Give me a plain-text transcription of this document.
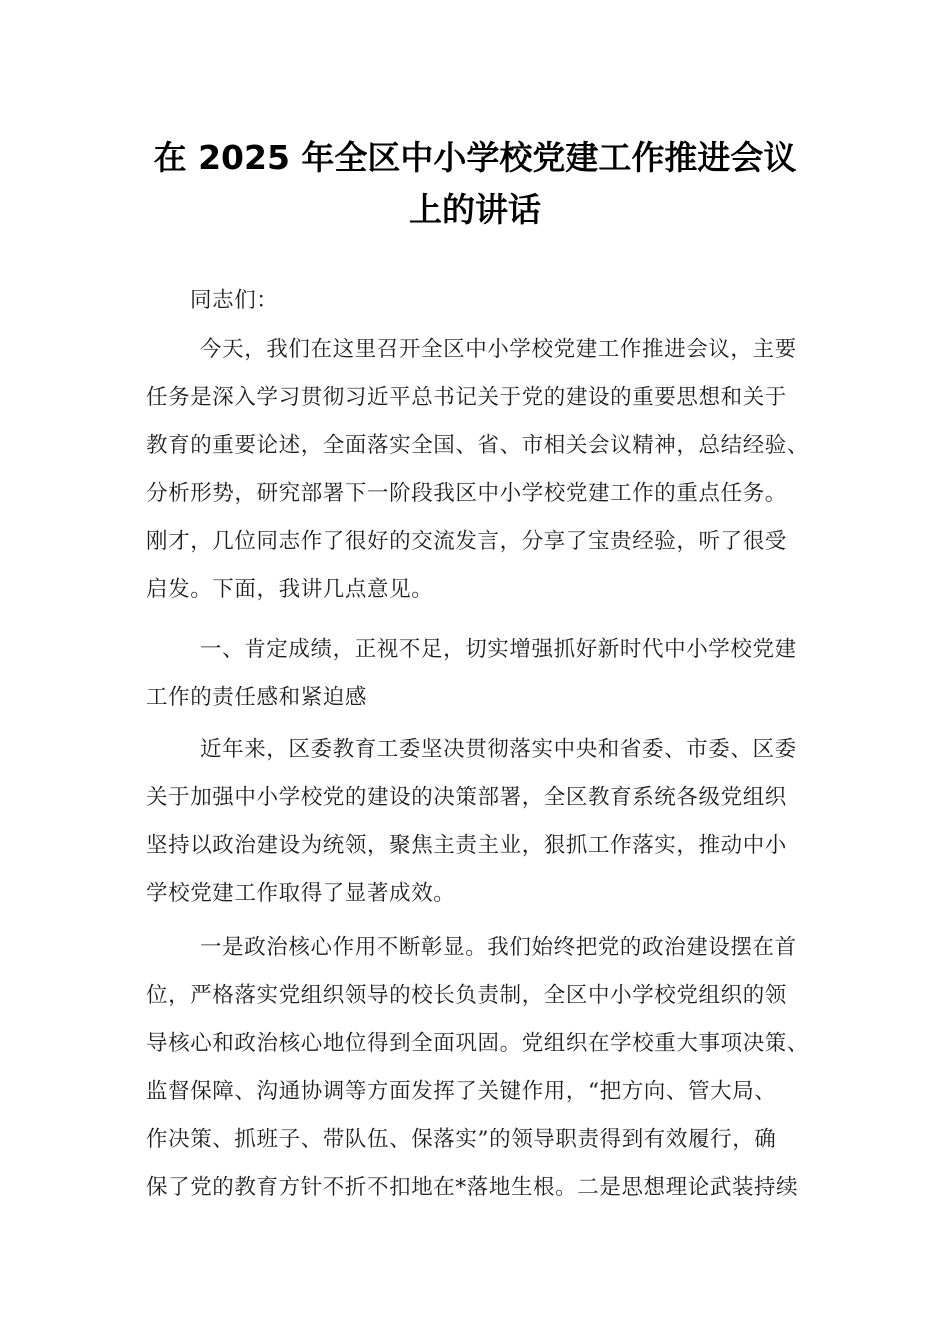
在 2025 年全区中小学校党建工作推进会议
上的讲话
同志们：
今天，我们在这里召开全区中小学校党建工作推进会议，主要
任务是深入学习贯彻习近平总书记关于党的建设的重要思想和关于
教育的重要论述，全面落实全国、省、市相关会议精神，总结经验、
分析形势，研究部署下一阶段我区中小学校党建工作的重点任务。
刚才，几位同志作了很好的交流发言，分享了宝贵经验，听了很受
启发。下面，我讲几点意见。
一、肯定成绩，正视不足，切实增强抓好新时代中小学校党建
工作的责任感和紧迫感
近年来，区委教育工委坚决贯彻落实中央和省委、市委、区委
关于加强中小学校党的建设的决策部署，全区教育系统各级党组织
坚持以政治建设为统领，聚焦主责主业，狠抓工作落实，推动中小
学校党建工作取得了显著成效。
一是政治核心作用不断彰显。我们始终把党的政治建设摆在首
位，严格落实党组织领导的校长负责制，全区中小学校党组织的领
导核心和政治核心地位得到全面巩固。党组织在学校重大事项决策、
监督保障、沟通协调等方面发挥了关键作用，“把方向、管大局、
作决策、抓班子、带队伍、保落实”的领导职责得到有效履行，确
保了党的教育方针不折不扣地在*落地生根。二是思想理论武装持续
